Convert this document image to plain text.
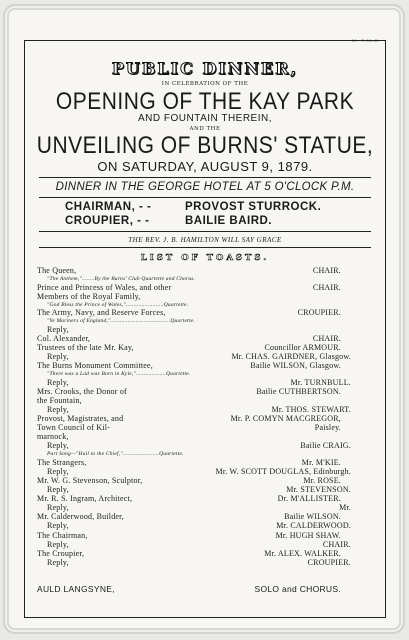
M. T.M.H.
PUBLIC DINNER,
IN CELEBRATION OF THE
OPENING OF THE KAY PARK
AND FOUNTAIN THEREIN,
AND THE
UNVEILING OF BURNS' STATUE,
ON SATURDAY, AUGUST 9, 1879.
DINNER IN THE GEORGE HOTEL AT 5 O'CLOCK P.M.
CHAIRMAN, - -	PROVOST STURROCK.
CROUPIER, - -	BAILIE BAIRD.
THE REV. J. B. HAMILTON WILL SAY GRACE
LIST OF TOASTS.
The Queen,	CHAIR.
"The Anthem,"........By the Burns' Club Quartette and Chorus.
Prince and Princess of Wales, and other	CHAIR.
Members of the Royal Family,
"God Bless the Prince of Wales,"........................Quartette.
The Army, Navy, and Reserve Forces,	CROUPIER.
"Ye Mariners of England,"......................................Quartette.
Reply,
Col. Alexander,	CHAIR.
Trustees of the late Mr. Kay,	Councillor ARMOUR.
Reply,	Mr. CHAS. GAIRDNER, Glasgow.
The Burns Monument Committee,	Bailie WILSON, Glasgow.
"There was a Lad was Born in Kyle,"...................Quartette.
Reply,	Mr. TURNBULL.
Mrs. Crooks, the Donor of	Bailie CUTHBERTSON.
the Fountain,
Reply,	Mr. THOS. STEWART.
Provost, Magistrates, and	Mr. P. COMYN MACGREGOR,
Town Council of Kil-	Paisley.
marnock,
Reply,	Bailie CRAIG.
Part Song—"Hail to the Chief,".......................Quartette.
The Strangers,	Mr. M'KIE.
Reply,	Mr. W. SCOTT DOUGLAS, Edinburgh.
Mr. W. G. Stevenson, Sculptor,	Mr. ROSE.
Reply,	Mr. STEVENSON.
Mr. R. S. Ingram, Architect,	Dr. M'ALLISTER.
Reply,	Mr.
Mr. Calderwood, Builder,	Bailie WILSON.
Reply,	Mr. CALDERWOOD.
The Chairman,	Mr. HUGH SHAW.
Reply,	CHAIR.
The Croupier,	Mr. ALEX. WALKER.
Reply,	CROUPIER.
AULD LANGSYNE,	SOLO and CHORUS.
